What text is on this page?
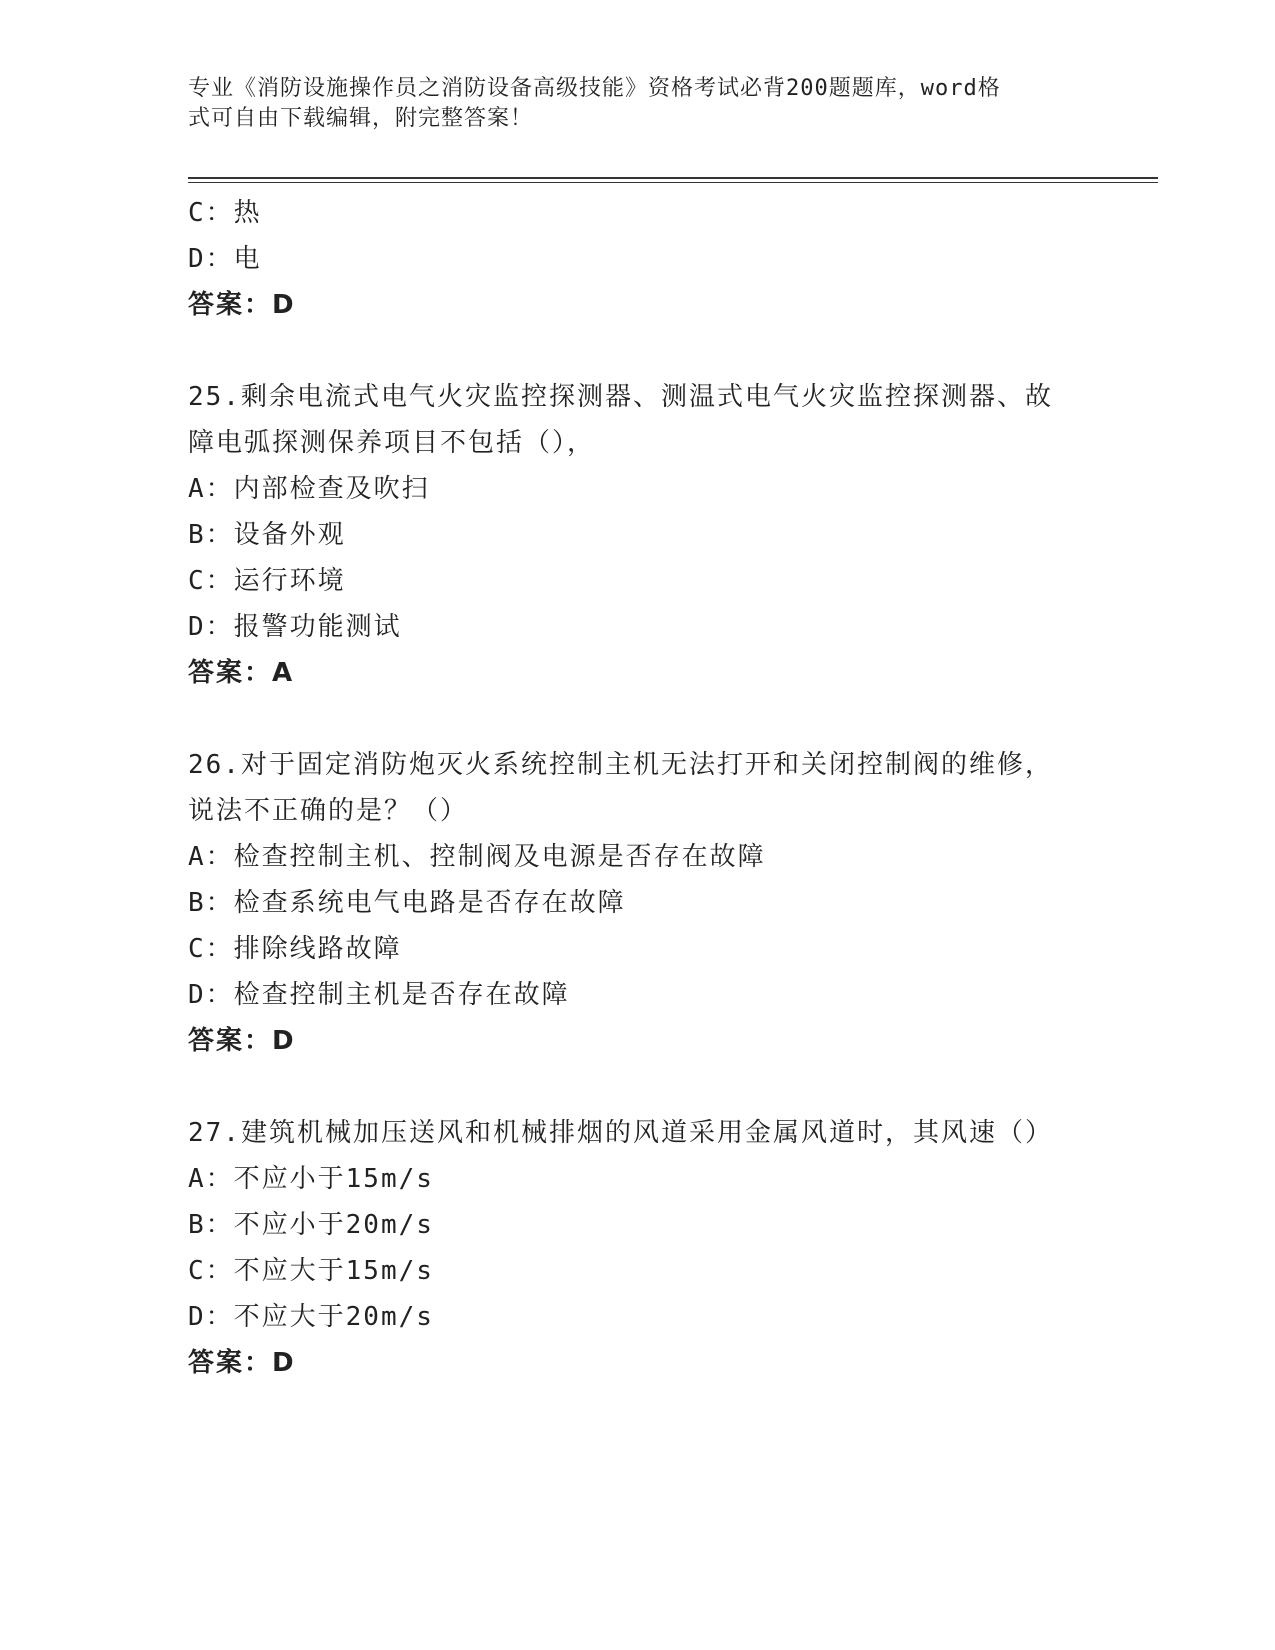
专业《消防设施操作员之消防设备高级技能》资格考试必背200题题库，word格
式可自由下载编辑，附完整答案！
C：热
D：电
答案：D
25.剩余电流式电气火灾监控探测器、测温式电气火灾监控探测器、故
障电弧探测保养项目不包括（），
A：内部检查及吹扫
B：设备外观
C：运行环境
D：报警功能测试
答案：A
26.对于固定消防炮灭火系统控制主机无法打开和关闭控制阀的维修，
说法不正确的是？（）
A：检查控制主机、控制阀及电源是否存在故障
B：检查系统电气电路是否存在故障
C：排除线路故障
D：检查控制主机是否存在故障
答案：D
27.建筑机械加压送风和机械排烟的风道采用金属风道时，其风速（）
A：不应小于15m/s
B：不应小于20m/s
C：不应大于15m/s
D：不应大于20m/s
答案：D
